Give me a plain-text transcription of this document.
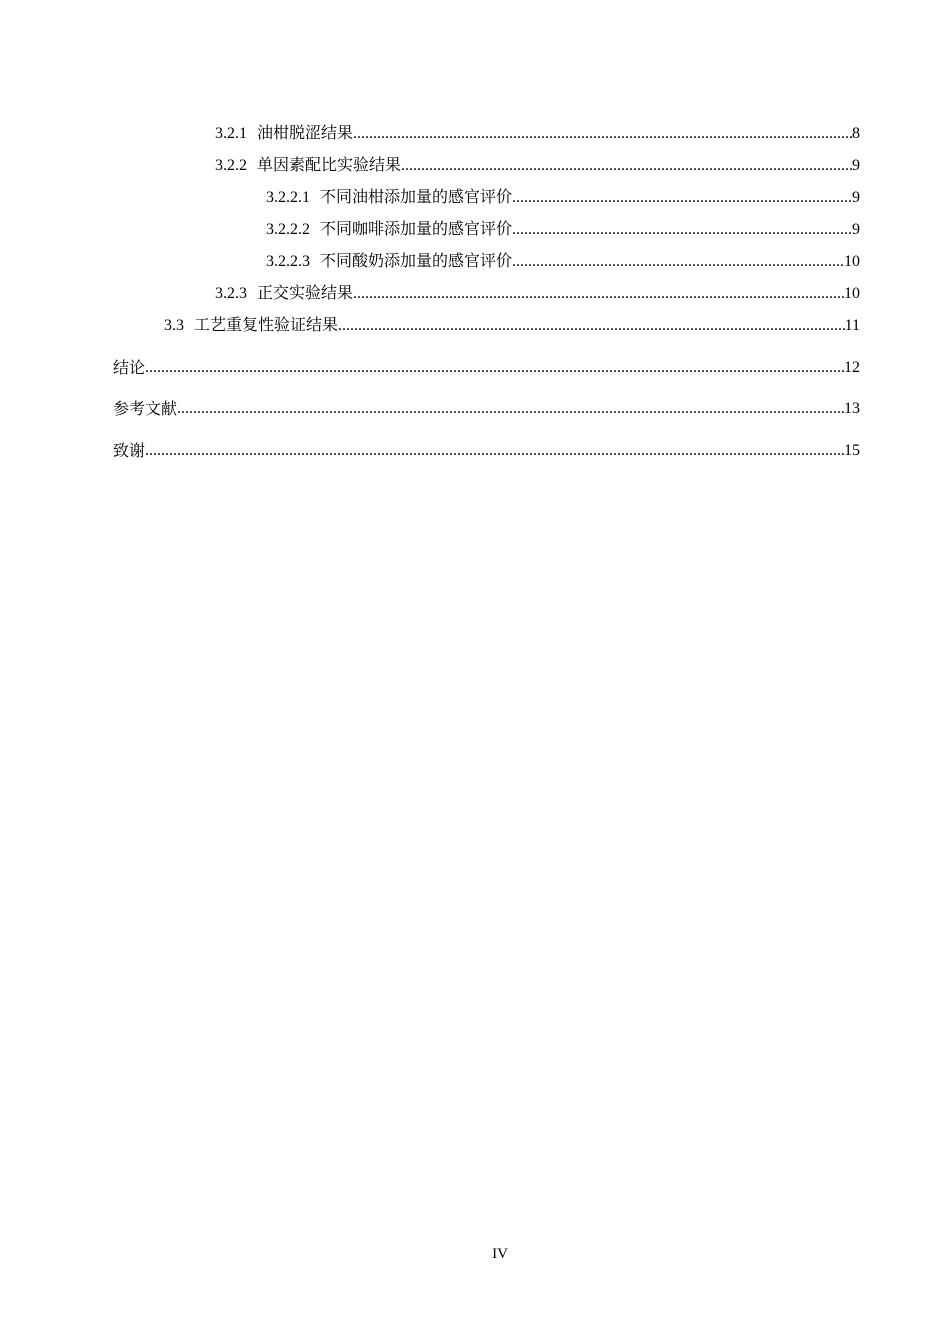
3.2.1 油柑脱涩结果 .....	8
3.2.2 单因素配比实验结果 .....	9
3.2.2.1 不同油柑添加量的感官评价 .....	9
3.2.2.2 不同咖啡添加量的感官评价 .....	9
3.2.2.3 不同酸奶添加量的感官评价 .....	10
3.2.3 正交实验结果 .....	10
3.3 工艺重复性验证结果 .....	11
结论 .....	12
参考文献 .....	13
致谢 .....	15
IV
